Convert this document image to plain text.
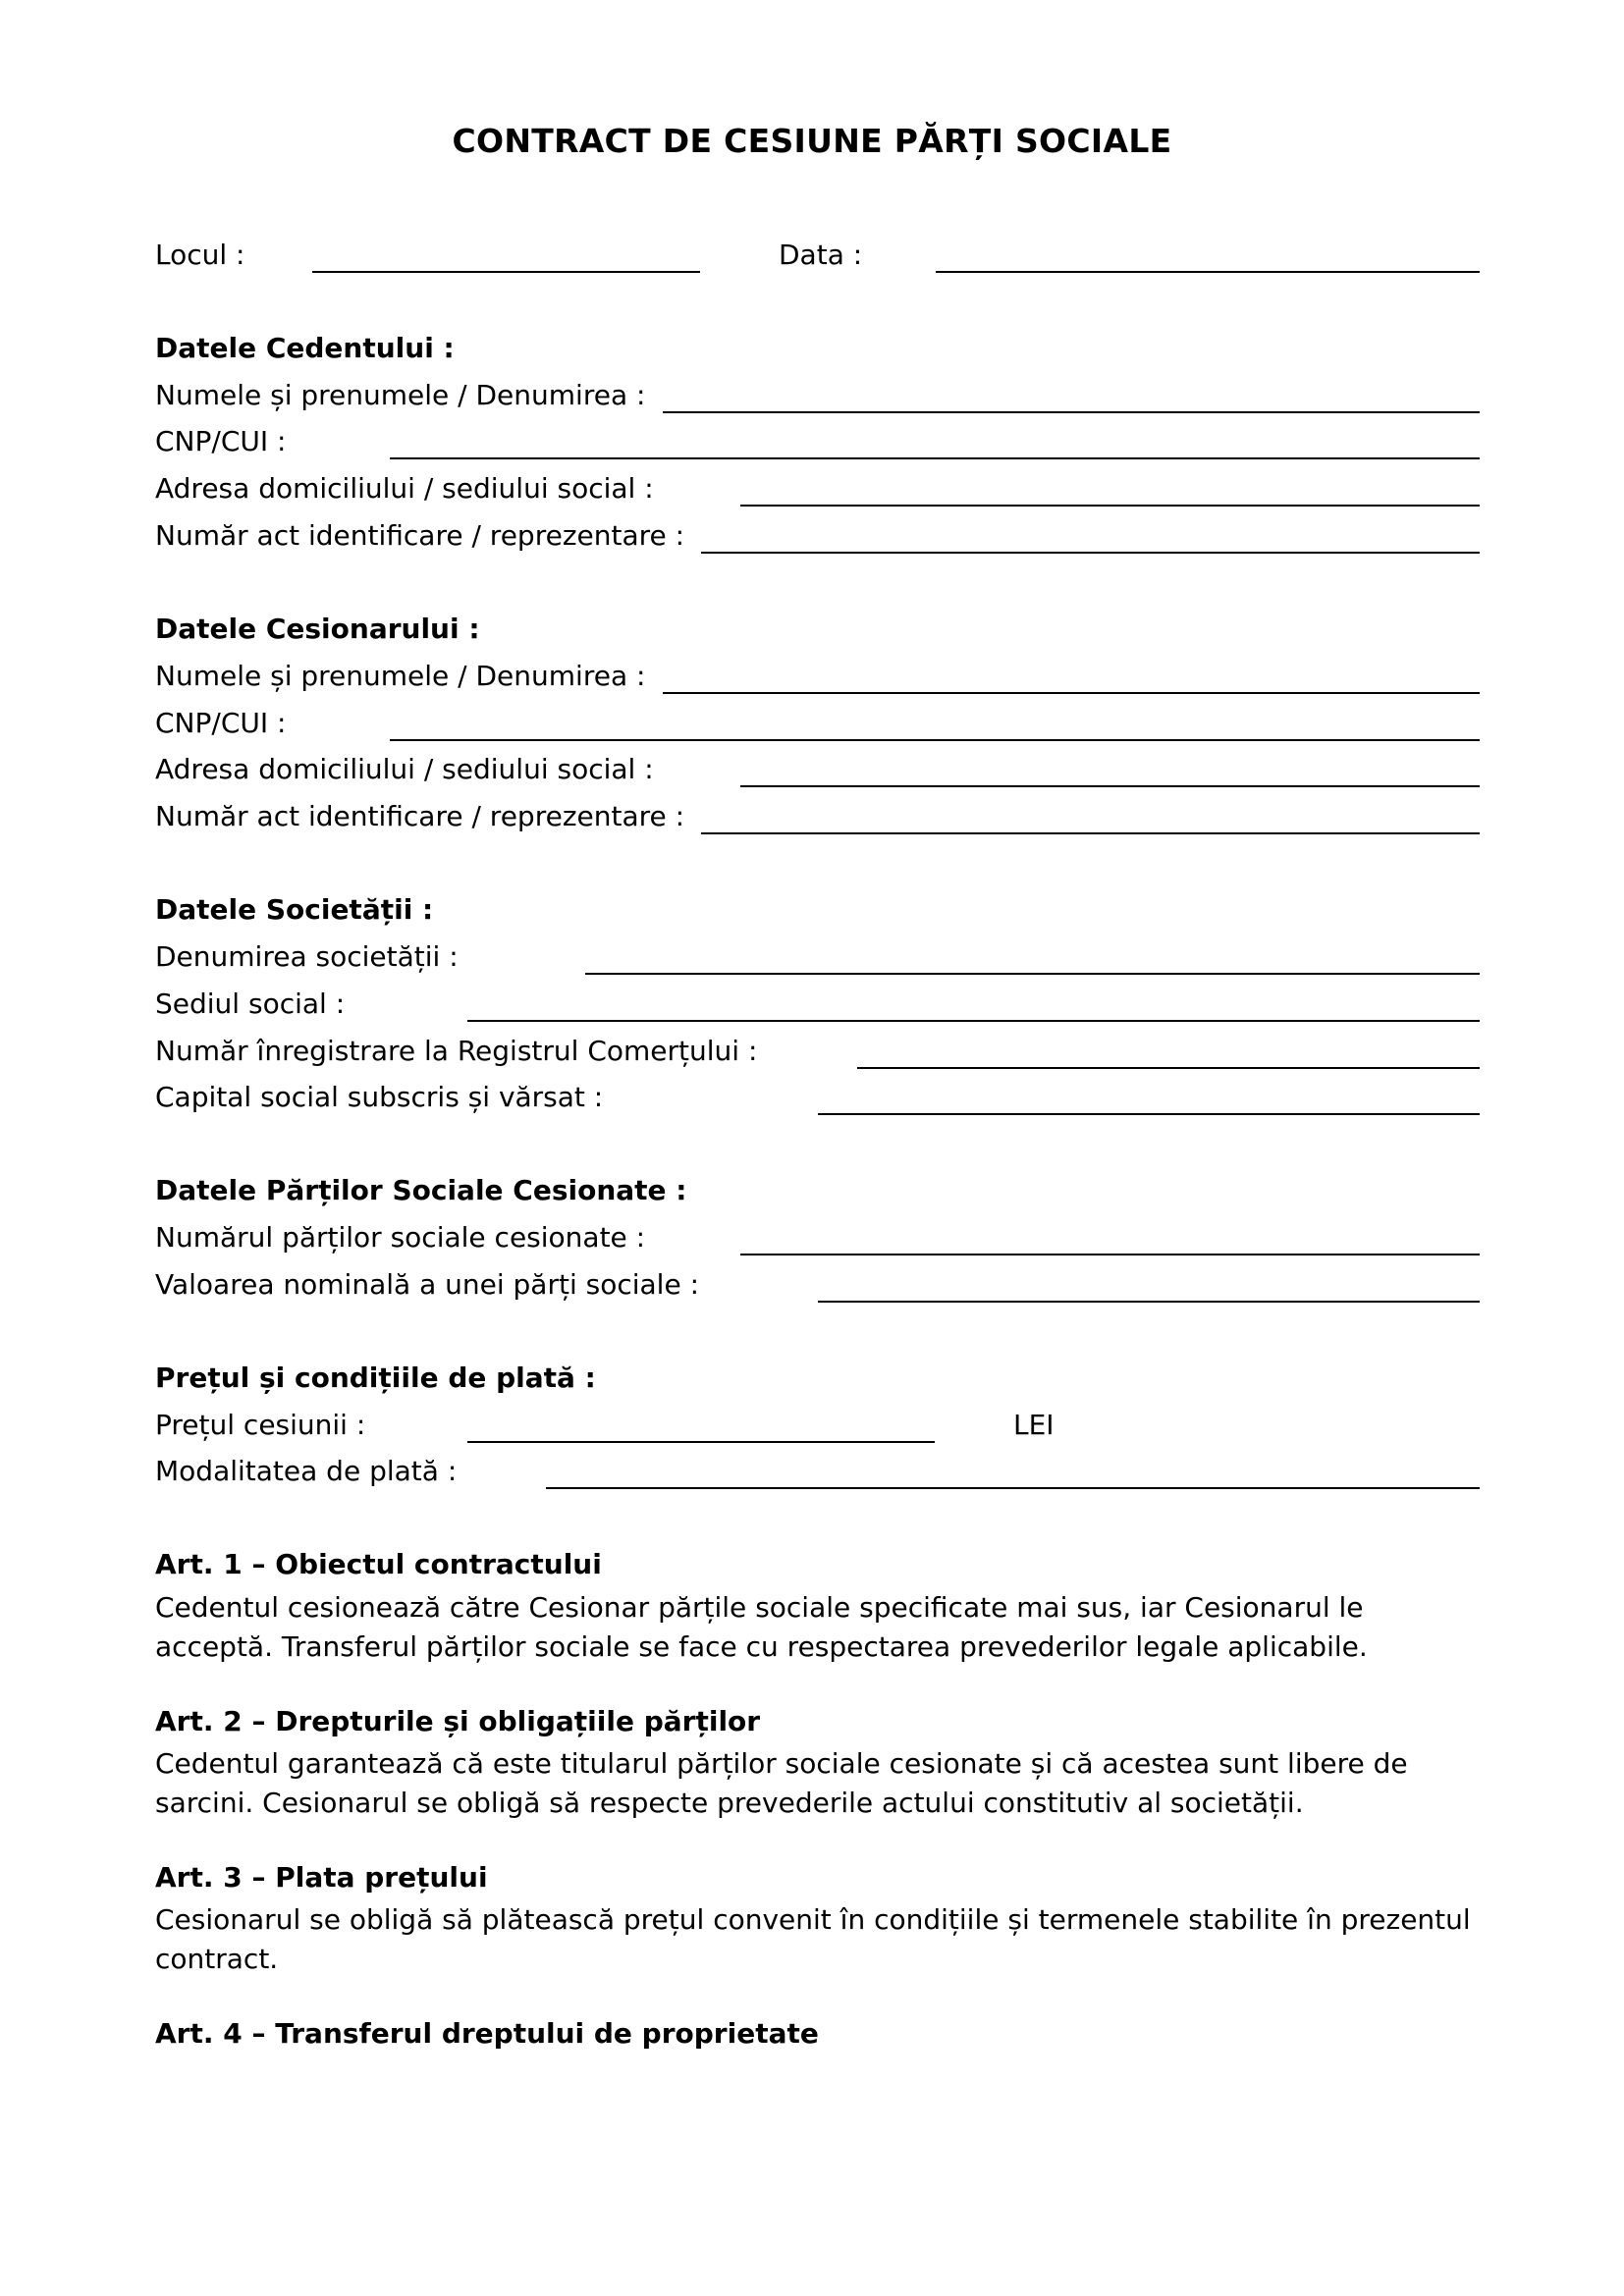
CONTRACT DE CESIUNE PĂRȚI SOCIALE
Locul :	Data :
Datele Cedentului :
Numele și prenumele / Denumirea :
CNP/CUI :
Adresa domiciliului / sediului social :
Număr act identificare / reprezentare :
Datele Cesionarului :
Numele și prenumele / Denumirea :
CNP/CUI :
Adresa domiciliului / sediului social :
Număr act identificare / reprezentare :
Datele Societății :
Denumirea societății :
Sediul social :
Număr înregistrare la Registrul Comerțului :
Capital social subscris și vărsat :
Datele Părților Sociale Cesionate :
Numărul părților sociale cesionate :
Valoarea nominală a unei părți sociale :
Prețul și condițiile de plată :
Prețul cesiunii :	LEI
Modalitatea de plată :
Art. 1 – Obiectul contractului
Cedentul cesionează către Cesionar părțile sociale specificate mai sus, iar Cesionarul le
acceptă. Transferul părților sociale se face cu respectarea prevederilor legale aplicabile.
Art. 2 – Drepturile și obligațiile părților
Cedentul garantează că este titularul părților sociale cesionate și că acestea sunt libere de
sarcini. Cesionarul se obligă să respecte prevederile actului constitutiv al societății.
Art. 3 – Plata prețului
Cesionarul se obligă să plătească prețul convenit în condițiile și termenele stabilite în prezentul
contract.
Art. 4 – Transferul dreptului de proprietate
